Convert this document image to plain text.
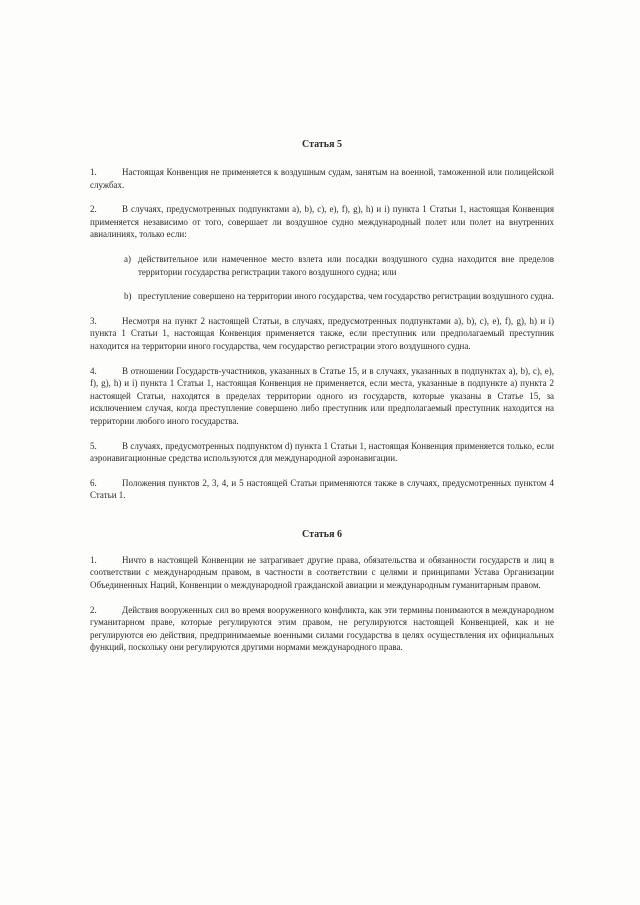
Статья 5

1.	Настоящая Конвенция не применяется к воздушным судам, занятым на военной, таможенной или полицейской службах.

2.	В случаях, предусмотренных подпунктами a), b), c), e), f), g), h) и i) пункта 1 Статьи 1, настоящая Конвенция применяется независимо от того, совершает ли воздушное судно международный полет или полет на внутренних авиалиниях, только если:

a) действительное или намеченное место взлета или посадки воздушного судна находится вне пределов территории государства регистрации такого воздушного судна; или

b) преступление совершено на территории иного государства, чем государство регистрации воздушного судна.

3.	Несмотря на пункт 2 настоящей Статьи, в случаях, предусмотренных подпунктами a), b), c), e), f), g), h) и i) пункта 1 Статьи 1, настоящая Конвенция применяется также, если преступник или предполагаемый преступник находится на территории иного государства, чем государство регистрации этого воздушного судна.

4.	В отношении Государств-участников, указанных в Статье 15, и в случаях, указанных в подпунктах a), b), c), e), f), g), h) и i) пункта 1 Статьи 1, настоящая Конвенция не применяется, если места, указанные в подпункте a) пункта 2 настоящей Статьи, находятся в пределах территории одного из государств, которые указаны в Статье 15, за исключением случая, когда преступление совершено либо преступник или предполагаемый преступник находится на территории любого иного государства.

5.	В случаях, предусмотренных подпунктом d) пункта 1 Статьи 1, настоящая Конвенция применяется только, если аэронавигационные средства используются для международной аэронавигации.

6.	Положения пунктов 2, 3, 4, и 5 настоящей Статьи применяются также в случаях, предусмотренных пунктом 4 Статьи 1.

Статья 6

1.	Ничто в настоящей Конвенции не затрагивает другие права, обязательства и обязанности государств и лиц в соответствии с международным правом, в частности в соответствии с целями и принципами Устава Организации Объединенных Наций, Конвенции о международной гражданской авиации и международным гуманитарным правом.

2.	Действия вооруженных сил во время вооруженного конфликта, как эти термины понимаются в международном гуманитарном праве, которые регулируются этим правом, не регулируются настоящей Конвенцией, как и не регулируются ею действия, предпринимаемые военными силами государства в целях осуществления их официальных функций, поскольку они регулируются другими нормами международного права.
